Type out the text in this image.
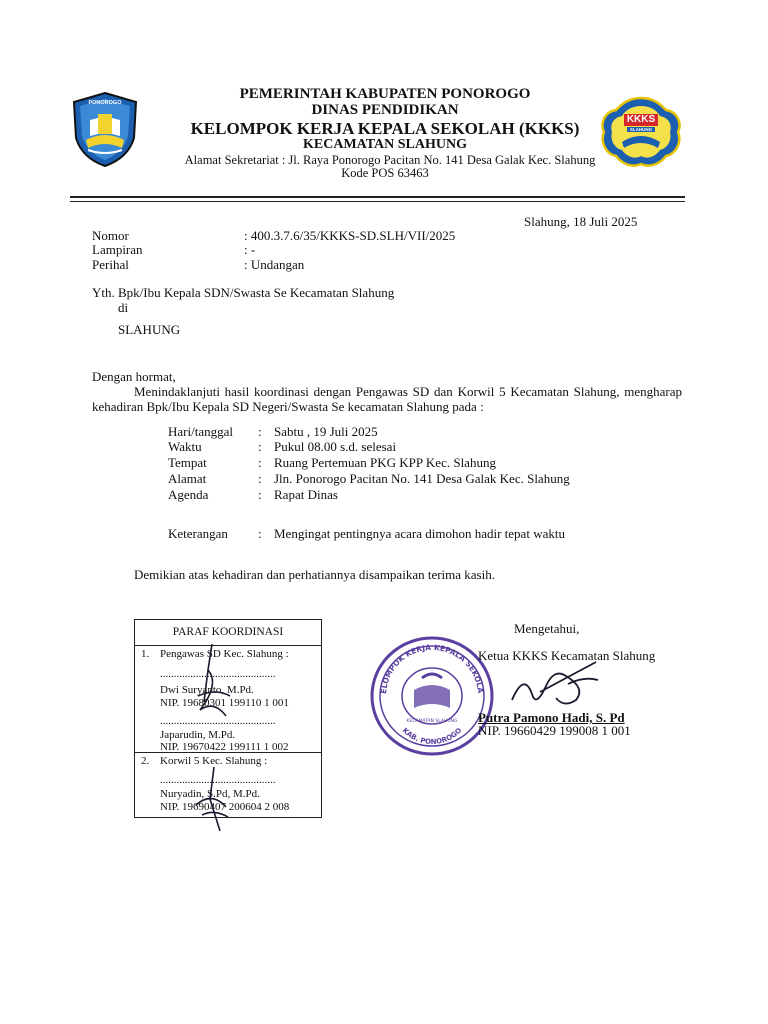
PONOROGO
KKKS
SLAHUNG
PEMERINTAH KABUPATEN PONOROGO
DINAS PENDIDIKAN
KELOMPOK KERJA KEPALA SEKOLAH (KKKS)
KECAMATAN SLAHUNG
Alamat Sekretariat : Jl. Raya Ponorogo Pacitan No. 141 Desa Galak Kec. Slahung
Kode POS 63463
Slahung, 18 Juli 2025
Nomor	: 400.3.7.6/35/KKKS-SD.SLH/VII/2025
Lampiran	: -
Perihal	: Undangan
Yth. Bpk/Ibu Kepala SDN/Swasta Se Kecamatan Slahung
di
SLAHUNG
Dengan hormat,
Menindaklanjuti hasil koordinasi dengan Pengawas SD dan Korwil 5 Kecamatan Slahung, mengharap kehadiran Bpk/Ibu Kepala SD Negeri/Swasta Se kecamatan Slahung pada :
Hari/tanggal : Sabtu , 19 Juli 2025
Waktu	: Pukul 08.00 s.d. selesai
Tempat	: Ruang Pertemuan PKG KPP Kec. Slahung
Alamat	: Jln. Ponorogo Pacitan No. 141 Desa Galak Kec. Slahung
Agenda	: Rapat Dinas
Keterangan : Mengingat pentingnya acara dimohon hadir tepat waktu
Demikian atas kehadiran dan perhatiannya disampaikan terima kasih.
PARAF KOORDINASI

1. Pengawas SD Kec. Slahung :
..........................................
Dwi Suryanto, M.Pd.
NIP. 19680301 199110 1 001
..........................................
Japarudin, M.Pd.
NIP. 19670422 199111 1 002

2. Korwil 5 Kec. Slahung :
..........................................
Nuryadin, S.Pd, M.Pd.
NIP. 19690407 200604 2 008
Mengetahui,
ELOMPOK KERJA KEPALA SEKOLA
KAB. PONOROGO
KECAMATAN SLAHUNG
Ketua KKKS Kecamatan Slahung
Putra Pamono Hadi, S. Pd
NIP. 19660429 199008 1 001
